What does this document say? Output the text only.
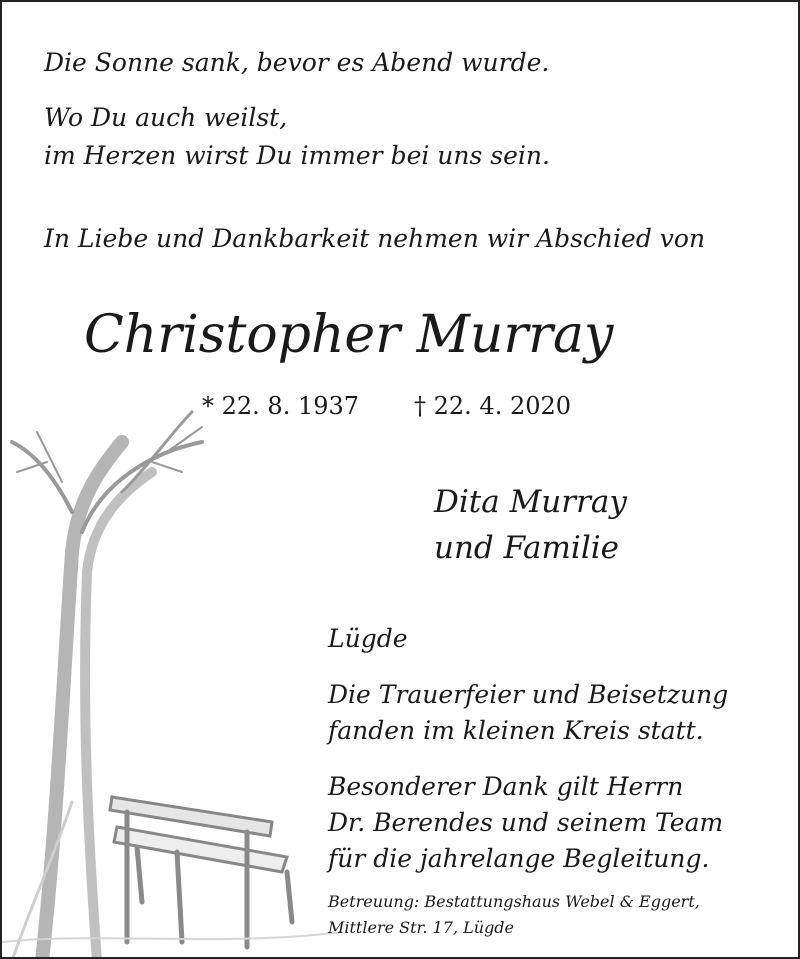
Die Sonne sank, bevor es Abend wurde.
Wo Du auch weilst,
im Herzen wirst Du immer bei uns sein.
In Liebe und Dankbarkeit nehmen wir Abschied von
Christopher Murray
* 22. 8. 1937 † 22. 4. 2020
Dita Murray
und Familie
Lügde
Die Trauerfeier und Beisetzung
fanden im kleinen Kreis statt.
Besonderer Dank gilt Herrn
Dr. Berendes und seinem Team
für die jahrelange Begleitung.
Betreuung: Bestattungshaus Webel & Eggert,
Mittlere Str. 17, Lügde
